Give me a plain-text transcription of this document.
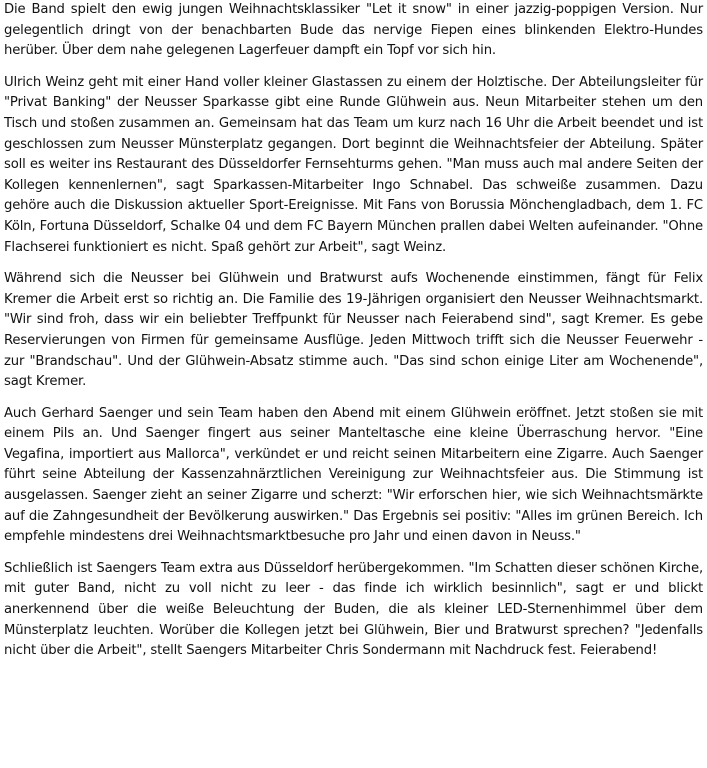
Die Band spielt den ewig jungen Weihnachtsklassiker "Let it snow" in einer jazzig-poppigen Version. Nur gelegentlich dringt von der benachbarten Bude das nervige Fiepen eines blinkenden Elektro-Hundes herüber. Über dem nahe gelegenen Lagerfeuer dampft ein Topf vor sich hin.

Ulrich Weinz geht mit einer Hand voller kleiner Glastassen zu einem der Holztische. Der Abteilungsleiter für "Privat Banking" der Neusser Sparkasse gibt eine Runde Glühwein aus. Neun Mitarbeiter stehen um den Tisch und stoßen zusammen an. Gemeinsam hat das Team um kurz nach 16 Uhr die Arbeit beendet und ist geschlossen zum Neusser Münsterplatz gegangen. Dort beginnt die Weihnachtsfeier der Abteilung. Später soll es weiter ins Restaurant des Düsseldorfer Fernsehturms gehen. "Man muss auch mal andere Seiten der Kollegen kennenlernen", sagt Sparkassen-Mitarbeiter Ingo Schnabel. Das schweiße zusammen. Dazu gehöre auch die Diskussion aktueller Sport-Ereignisse. Mit Fans von Borussia Mönchengladbach, dem 1. FC Köln, Fortuna Düsseldorf, Schalke 04 und dem FC Bayern München prallen dabei Welten aufeinander. "Ohne Flachserei funktioniert es nicht. Spaß gehört zur Arbeit", sagt Weinz.

Während sich die Neusser bei Glühwein und Bratwurst aufs Wochenende einstimmen, fängt für Felix Kremer die Arbeit erst so richtig an. Die Familie des 19-Jährigen organisiert den Neusser Weihnachtsmarkt. "Wir sind froh, dass wir ein beliebter Treffpunkt für Neusser nach Feierabend sind", sagt Kremer. Es gebe Reservierungen von Firmen für gemeinsame Ausflüge. Jeden Mittwoch trifft sich die Neusser Feuerwehr - zur "Brandschau". Und der Glühwein-Absatz stimme auch. "Das sind schon einige Liter am Wochenende", sagt Kremer.

Auch Gerhard Saenger und sein Team haben den Abend mit einem Glühwein eröffnet. Jetzt stoßen sie mit einem Pils an. Und Saenger fingert aus seiner Manteltasche eine kleine Überraschung hervor. "Eine Vegafina, importiert aus Mallorca", verkündet er und reicht seinen Mitarbeitern eine Zigarre. Auch Saenger führt seine Abteilung der Kassenzahnärztlichen Vereinigung zur Weihnachtsfeier aus. Die Stimmung ist ausgelassen. Saenger zieht an seiner Zigarre und scherzt: "Wir erforschen hier, wie sich Weihnachtsmärkte auf die Zahngesundheit der Bevölkerung auswirken." Das Ergebnis sei positiv: "Alles im grünen Bereich. Ich empfehle mindestens drei Weihnachtsmarktbesuche pro Jahr und einen davon in Neuss."

Schließlich ist Saengers Team extra aus Düsseldorf herübergekommen. "Im Schatten dieser schönen Kirche, mit guter Band, nicht zu voll nicht zu leer - das finde ich wirklich besinnlich", sagt er und blickt anerkennend über die weiße Beleuchtung der Buden, die als kleiner LED-Sternenhimmel über dem Münsterplatz leuchten. Worüber die Kollegen jetzt bei Glühwein, Bier und Bratwurst sprechen? "Jedenfalls nicht über die Arbeit", stellt Saengers Mitarbeiter Chris Sondermann mit Nachdruck fest. Feierabend!
